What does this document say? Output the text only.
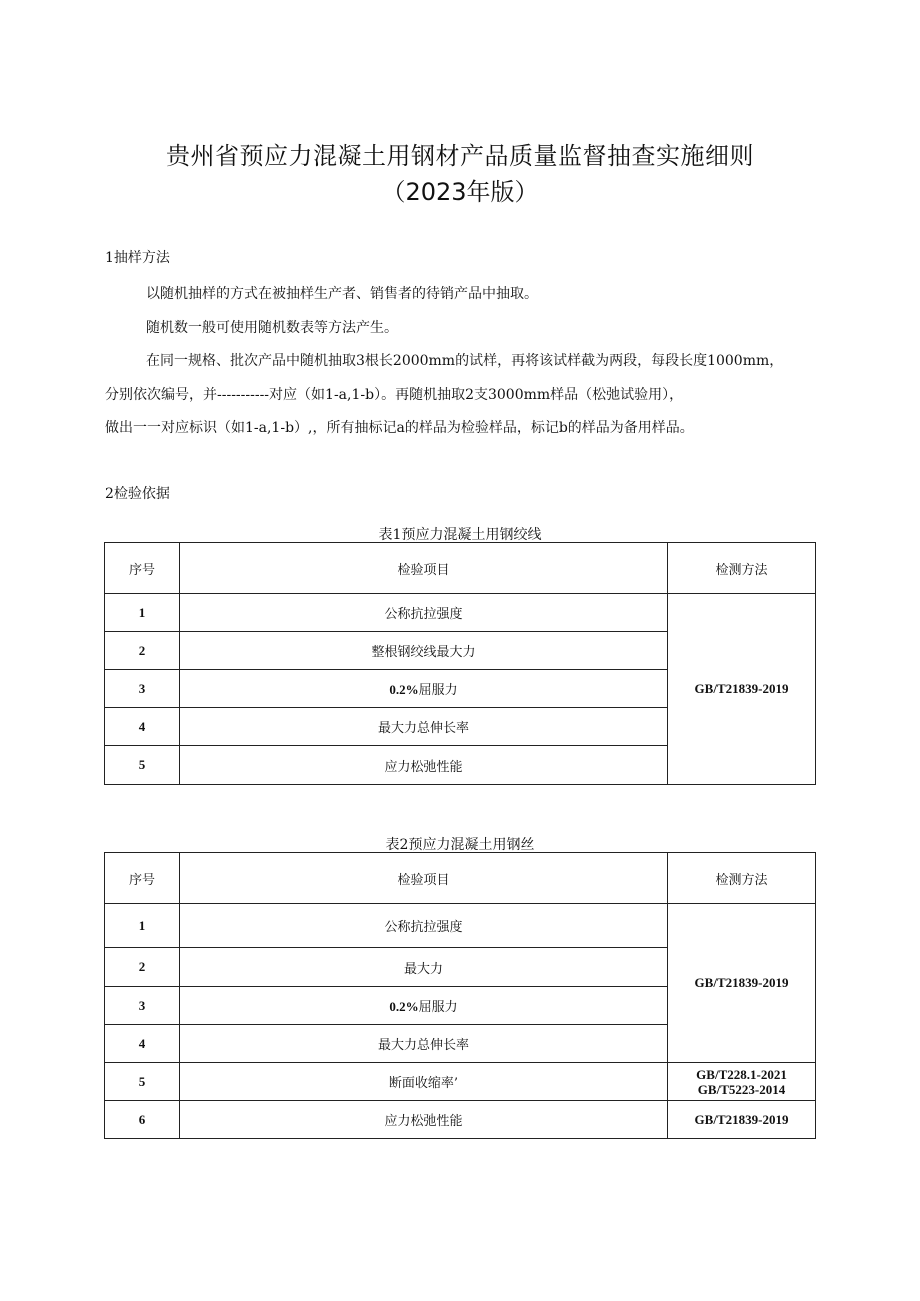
贵州省预应力混凝土用钢材产品质量监督抽查实施细则
（2023年版）
1抽样方法
以随机抽样的方式在被抽样生产者、销售者的待销产品中抽取。
随机数一般可使用随机数表等方法产生。
在同一规格、批次产品中随机抽取3根长2000mm的试样，再将该试样截为两段，每段长度1000mm，
分别依次编号，并-----------对应（如1-a,1-b）。再随机抽取2支3000mm样品（松弛试验用），
做出一一对应标识（如1-a,1-b）,，所有抽标记a的样品为检验样品，标记b的样品为备用样品。
2检验依据
表1预应力混凝土用钢绞线
序号	检验项目	检测方法
1	公称抗拉强度	GB/T21839-2019
2	整根钢绞线最大力	
3	0.2%屈服力	
4	最大力总伸长率	
5	应力松弛性能	
表2预应力混凝土用钢丝
序号	检验项目	检测方法
1	公称抗拉强度	GB/T21839-2019
2	最大力	
3	0.2%屈服力	
4	最大力总伸长率	
5	断面收缩率’	GB/T228.1-2021
GB/T5223-2014

6	应力松弛性能	GB/T21839-2019
